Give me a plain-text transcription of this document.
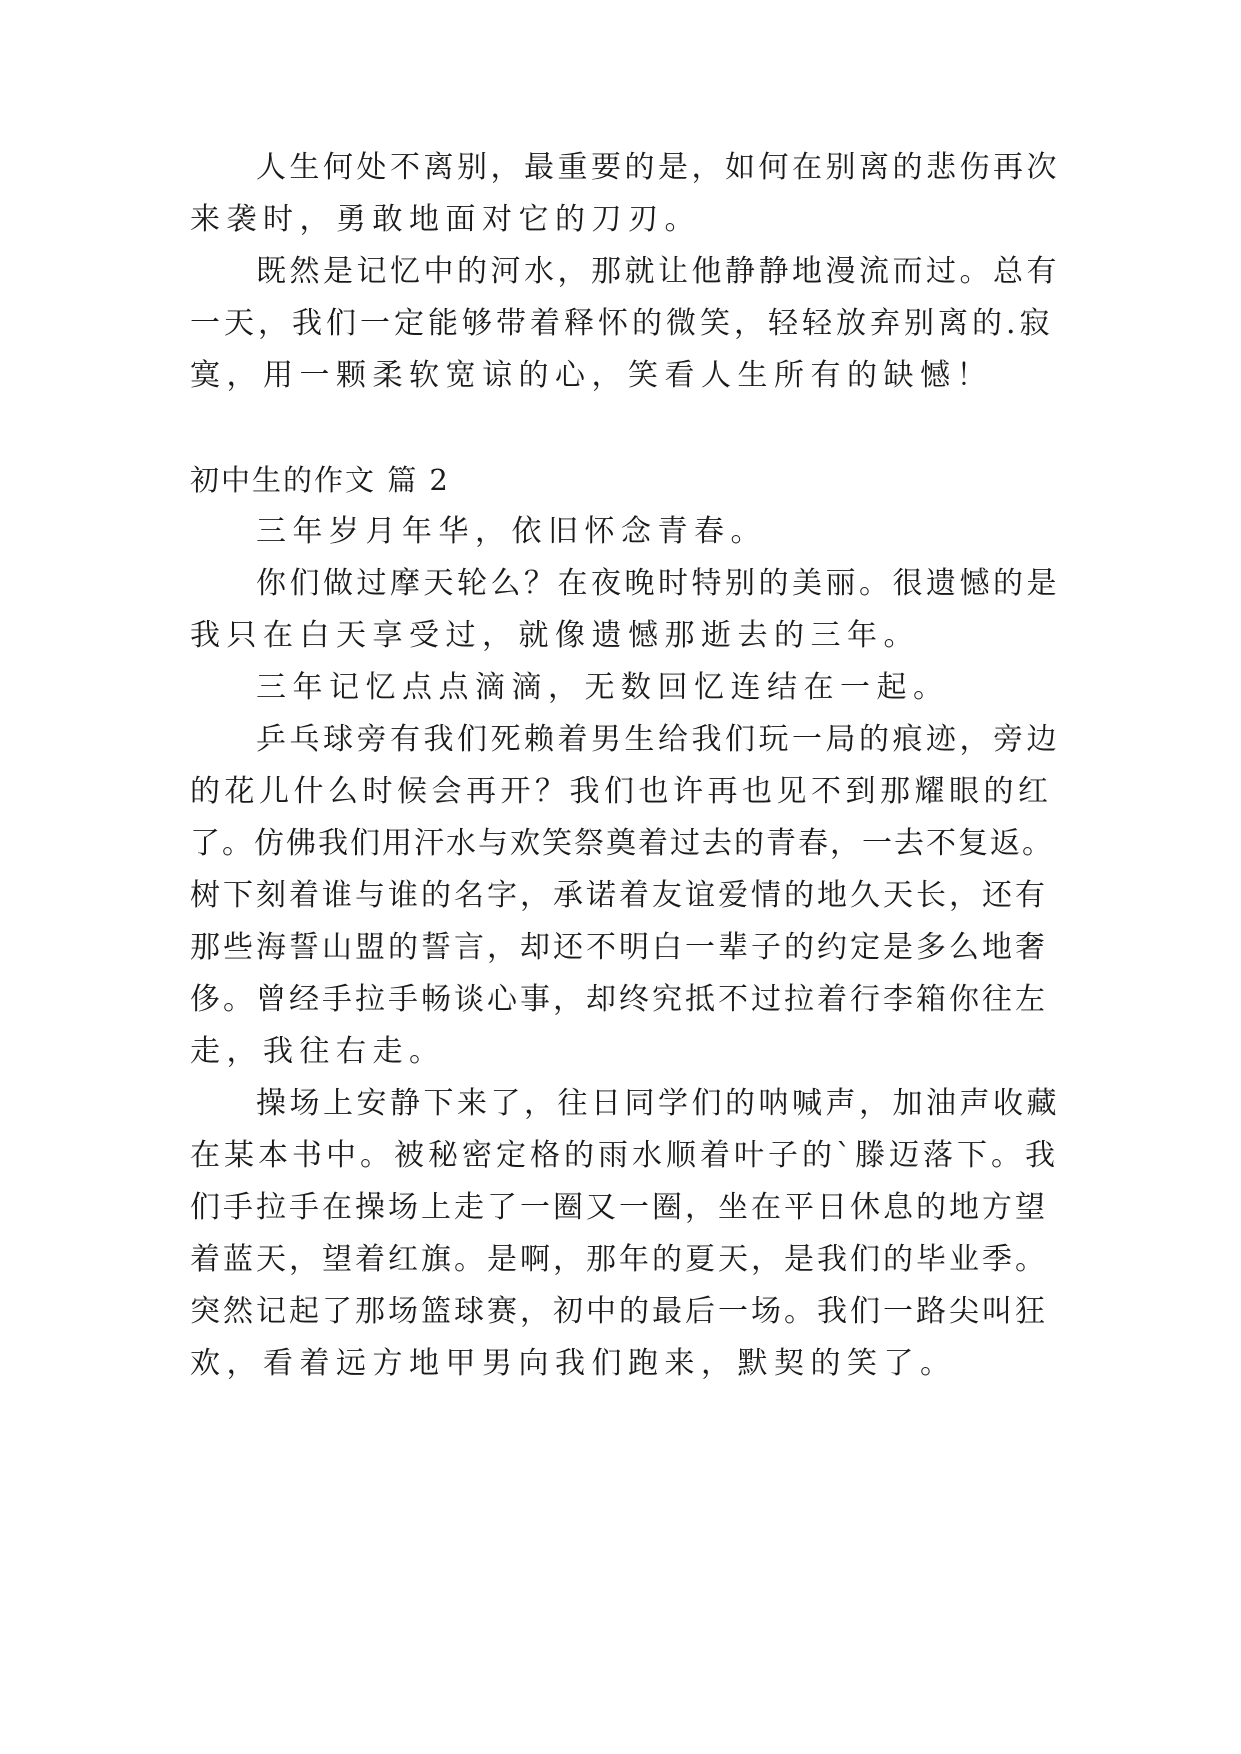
人生何处不离别，最重要的是，如何在别离的悲伤再次
来袭时，勇敢地面对它的刀刃。
既然是记忆中的河水，那就让他静静地漫流而过。总有
一天，我们一定能够带着释怀的微笑，轻轻放弃别离的.寂
寞，用一颗柔软宽谅的心，笑看人生所有的缺憾！
初中生的作文 篇 2
三年岁月年华，依旧怀念青春。
你们做过摩天轮么？在夜晚时特别的美丽。很遗憾的是
我只在白天享受过，就像遗憾那逝去的三年。
三年记忆点点滴滴，无数回忆连结在一起。
乒乓球旁有我们死赖着男生给我们玩一局的痕迹，旁边
的花儿什么时候会再开？我们也许再也见不到那耀眼的红
了。仿佛我们用汗水与欢笑祭奠着过去的青春，一去不复返。
树下刻着谁与谁的名字，承诺着友谊爱情的地久天长，还有
那些海誓山盟的誓言，却还不明白一辈子的约定是多么地奢
侈。曾经手拉手畅谈心事，却终究抵不过拉着行李箱你往左
走，我往右走。
操场上安静下来了，往日同学们的呐喊声，加油声收藏
在某本书中。被秘密定格的雨水顺着叶子的`滕迈落下。我
们手拉手在操场上走了一圈又一圈，坐在平日休息的地方望
着蓝天，望着红旗。是啊，那年的夏天，是我们的毕业季。
突然记起了那场篮球赛，初中的最后一场。我们一路尖叫狂
欢，看着远方地甲男向我们跑来，默契的笑了。
